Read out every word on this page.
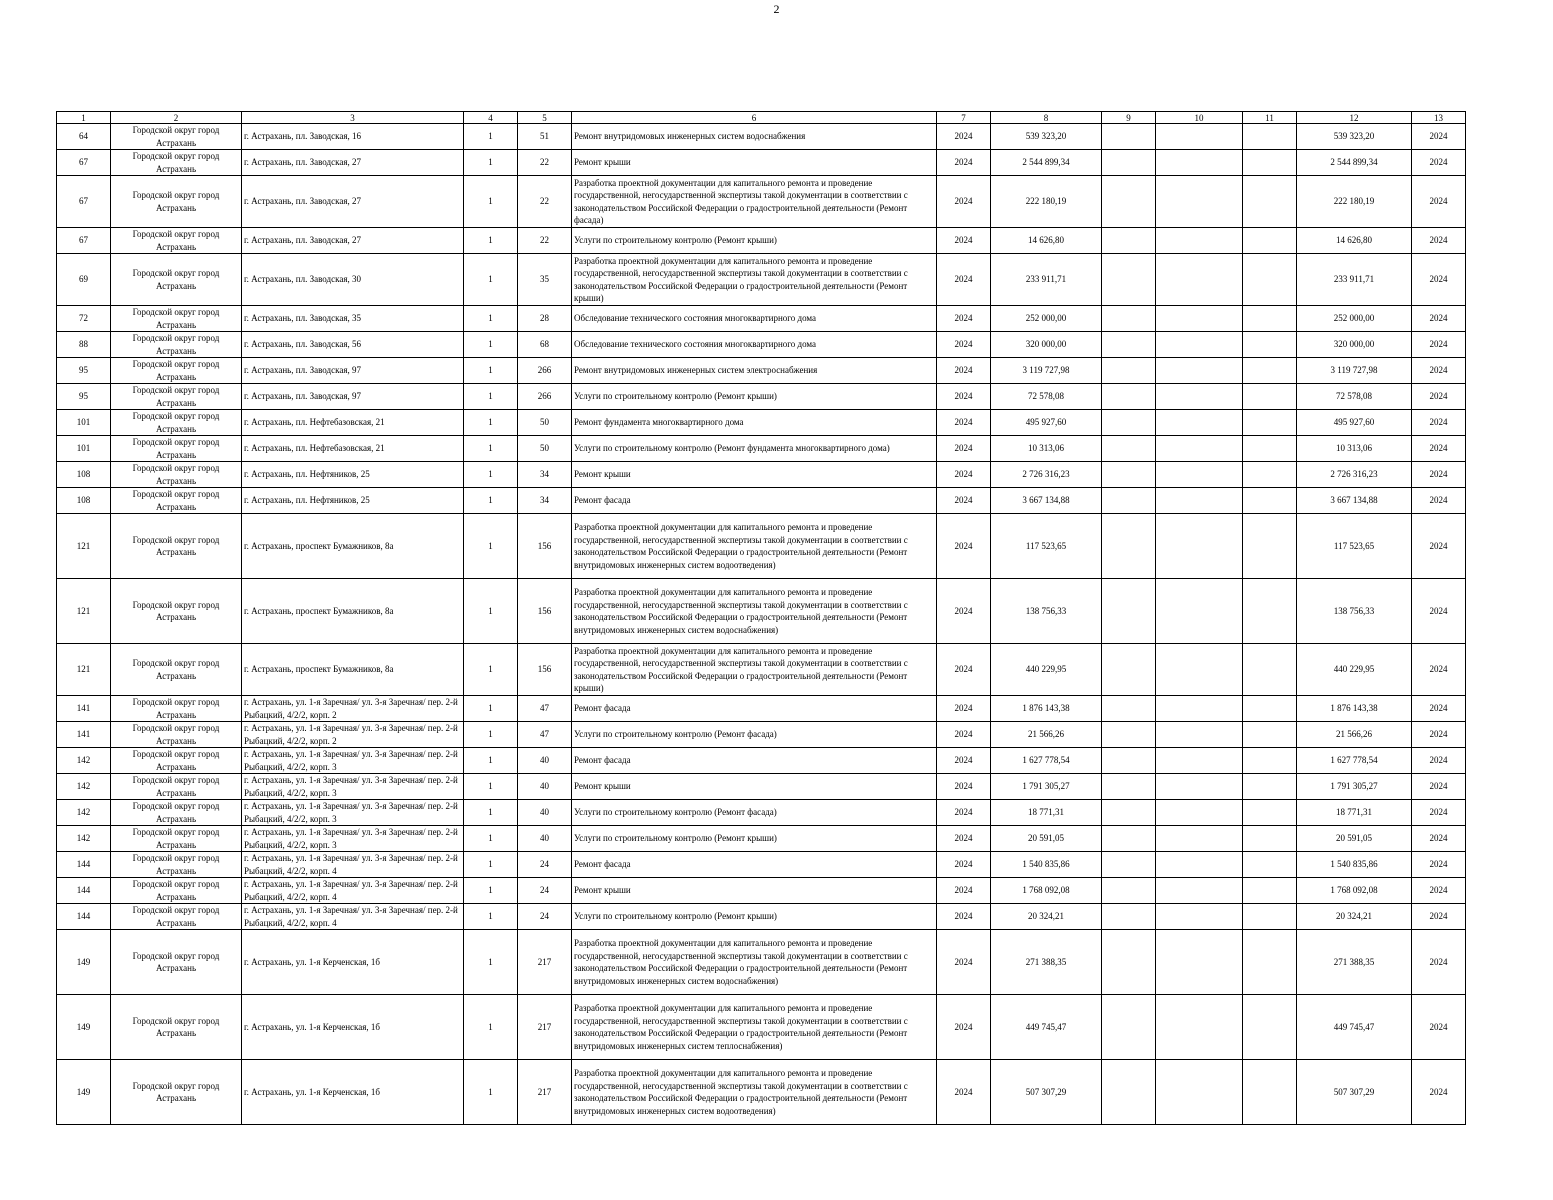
2
1	2	3	4	5	6	7	8	9	10	11	12	13
64	Городской округ город Астрахань	г. Астрахань, пл. Заводская, 16	1	51	Ремонт внутридомовых инженерных систем водоснабжения	2024	539 323,20				539 323,20	2024
67	Городской округ город Астрахань	г. Астрахань, пл. Заводская, 27	1	22	Ремонт крыши	2024	2 544 899,34				2 544 899,34	2024
67	Городской округ город Астрахань	г. Астрахань, пл. Заводская, 27	1	22	Разработка проектной документации для капитального ремонта и проведение государственной, негосударственной экспертизы такой документации в соответствии с законодательством Российской Федерации о градостроительной деятельности (Ремонт фасада)	2024	222 180,19				222 180,19	2024
67	Городской округ город Астрахань	г. Астрахань, пл. Заводская, 27	1	22	Услуги по строительному контролю (Ремонт крыши)	2024	14 626,80				14 626,80	2024
69	Городской округ город Астрахань	г. Астрахань, пл. Заводская, 30	1	35	Разработка проектной документации для капитального ремонта и проведение государственной, негосударственной экспертизы такой документации в соответствии с законодательством Российской Федерации о градостроительной деятельности (Ремонт крыши)	2024	233 911,71				233 911,71	2024
72	Городской округ город Астрахань	г. Астрахань, пл. Заводская, 35	1	28	Обследование технического состояния многоквартирного дома	2024	252 000,00				252 000,00	2024
88	Городской округ город Астрахань	г. Астрахань, пл. Заводская, 56	1	68	Обследование технического состояния многоквартирного дома	2024	320 000,00				320 000,00	2024
95	Городской округ город Астрахань	г. Астрахань, пл. Заводская, 97	1	266	Ремонт внутридомовых инженерных систем электроснабжения	2024	3 119 727,98				3 119 727,98	2024
95	Городской округ город Астрахань	г. Астрахань, пл. Заводская, 97	1	266	Услуги по строительному контролю (Ремонт крыши)	2024	72 578,08				72 578,08	2024
101	Городской округ город Астрахань	г. Астрахань, пл. Нефтебазовская, 21	1	50	Ремонт фундамента многоквартирного дома	2024	495 927,60				495 927,60	2024
101	Городской округ город Астрахань	г. Астрахань, пл. Нефтебазовская, 21	1	50	Услуги по строительному контролю (Ремонт фундамента многоквартирного дома)	2024	10 313,06				10 313,06	2024
108	Городской округ город Астрахань	г. Астрахань, пл. Нефтяников, 25	1	34	Ремонт крыши	2024	2 726 316,23				2 726 316,23	2024
108	Городской округ город Астрахань	г. Астрахань, пл. Нефтяников, 25	1	34	Ремонт фасада	2024	3 667 134,88				3 667 134,88	2024
121	Городской округ город Астрахань	г. Астрахань, проспект Бумажников, 8а	1	156	Разработка проектной документации для капитального ремонта и проведение государственной, негосударственной экспертизы такой документации в соответствии с законодательством Российской Федерации о градостроительной деятельности (Ремонт внутридомовых инженерных систем водоотведения)	2024	117 523,65				117 523,65	2024
121	Городской округ город Астрахань	г. Астрахань, проспект Бумажников, 8а	1	156	Разработка проектной документации для капитального ремонта и проведение государственной, негосударственной экспертизы такой документации в соответствии с законодательством Российской Федерации о градостроительной деятельности (Ремонт внутридомовых инженерных систем водоснабжения)	2024	138 756,33				138 756,33	2024
121	Городской округ город Астрахань	г. Астрахань, проспект Бумажников, 8а	1	156	Разработка проектной документации для капитального ремонта и проведение государственной, негосударственной экспертизы такой документации в соответствии с законодательством Российской Федерации о градостроительной деятельности (Ремонт крыши)	2024	440 229,95				440 229,95	2024
141	Городской округ город Астрахань	г. Астрахань, ул. 1-я Заречная/ ул. 3-я Заречная/ пер. 2-й Рыбацкий, 4/2/2, корп. 2	1	47	Ремонт фасада	2024	1 876 143,38				1 876 143,38	2024
141	Городской округ город Астрахань	г. Астрахань, ул. 1-я Заречная/ ул. 3-я Заречная/ пер. 2-й Рыбацкий, 4/2/2, корп. 2	1	47	Услуги по строительному контролю (Ремонт фасада)	2024	21 566,26				21 566,26	2024
142	Городской округ город Астрахань	г. Астрахань, ул. 1-я Заречная/ ул. 3-я Заречная/ пер. 2-й Рыбацкий, 4/2/2, корп. 3	1	40	Ремонт фасада	2024	1 627 778,54				1 627 778,54	2024
142	Городской округ город Астрахань	г. Астрахань, ул. 1-я Заречная/ ул. 3-я Заречная/ пер. 2-й Рыбацкий, 4/2/2, корп. 3	1	40	Ремонт крыши	2024	1 791 305,27				1 791 305,27	2024
142	Городской округ город Астрахань	г. Астрахань, ул. 1-я Заречная/ ул. 3-я Заречная/ пер. 2-й Рыбацкий, 4/2/2, корп. 3	1	40	Услуги по строительному контролю (Ремонт фасада)	2024	18 771,31				18 771,31	2024
142	Городской округ город Астрахань	г. Астрахань, ул. 1-я Заречная/ ул. 3-я Заречная/ пер. 2-й Рыбацкий, 4/2/2, корп. 3	1	40	Услуги по строительному контролю (Ремонт крыши)	2024	20 591,05				20 591,05	2024
144	Городской округ город Астрахань	г. Астрахань, ул. 1-я Заречная/ ул. 3-я Заречная/ пер. 2-й Рыбацкий, 4/2/2, корп. 4	1	24	Ремонт фасада	2024	1 540 835,86				1 540 835,86	2024
144	Городской округ город Астрахань	г. Астрахань, ул. 1-я Заречная/ ул. 3-я Заречная/ пер. 2-й Рыбацкий, 4/2/2, корп. 4	1	24	Ремонт крыши	2024	1 768 092,08				1 768 092,08	2024
144	Городской округ город Астрахань	г. Астрахань, ул. 1-я Заречная/ ул. 3-я Заречная/ пер. 2-й Рыбацкий, 4/2/2, корп. 4	1	24	Услуги по строительному контролю (Ремонт крыши)	2024	20 324,21				20 324,21	2024
149	Городской округ город Астрахань	г. Астрахань, ул. 1-я Керченская, 1б	1	217	Разработка проектной документации для капитального ремонта и проведение государственной, негосударственной экспертизы такой документации в соответствии с законодательством Российской Федерации о градостроительной деятельности (Ремонт внутридомовых инженерных систем водоснабжения)	2024	271 388,35				271 388,35	2024
149	Городской округ город Астрахань	г. Астрахань, ул. 1-я Керченская, 1б	1	217	Разработка проектной документации для капитального ремонта и проведение государственной, негосударственной экспертизы такой документации в соответствии с законодательством Российской Федерации о градостроительной деятельности (Ремонт внутридомовых инженерных систем теплоснабжения)	2024	449 745,47				449 745,47	2024
149	Городской округ город Астрахань	г. Астрахань, ул. 1-я Керченская, 1б	1	217	Разработка проектной документации для капитального ремонта и проведение государственной, негосударственной экспертизы такой документации в соответствии с законодательством Российской Федерации о градостроительной деятельности (Ремонт внутридомовых инженерных систем водоотведения)	2024	507 307,29				507 307,29	2024
